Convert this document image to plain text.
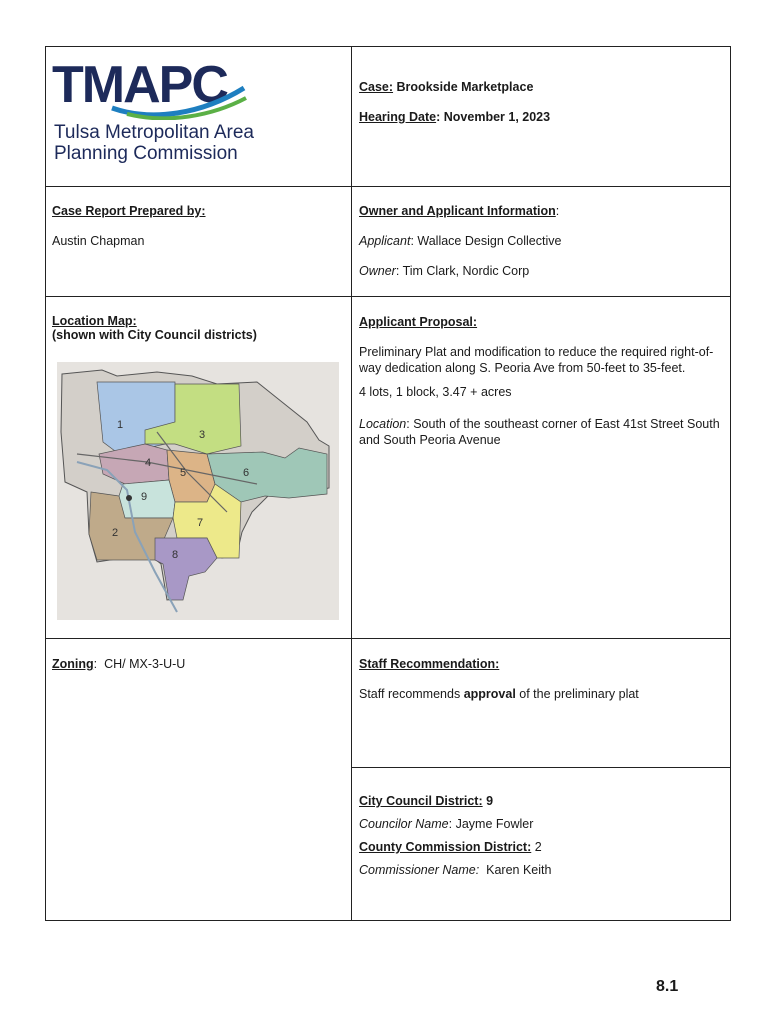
TMAPC
Tulsa Metropolitan Area
Planning Commission

Case: Brookside Marketplace

Hearing Date: November 1, 2023

Case Report Prepared by:

Austin Chapman

Owner and Applicant Information:

Applicant: Wallace Design Collective

Owner: Tim Clark, Nordic Corp

Location Map:

(shown with City Council districts)

1
2
3
4
5	6
7
8
9

Applicant Proposal:

Preliminary Plat and modification to reduce the required right-of-way dedication along S. Peoria Ave from 50-feet to 35-feet.

4 lots, 1 block, 3.47 + acres

Location: South of the southeast corner of East 41st Street South and South Peoria Avenue

Zoning:  CH/ MX-3-U-U	Staff Recommendation:

Staff recommends approval of the preliminary plat

City Council District: 9

Councilor Name: Jayme Fowler

County Commission District: 2

Commissioner Name: Karen Keith

8.1
